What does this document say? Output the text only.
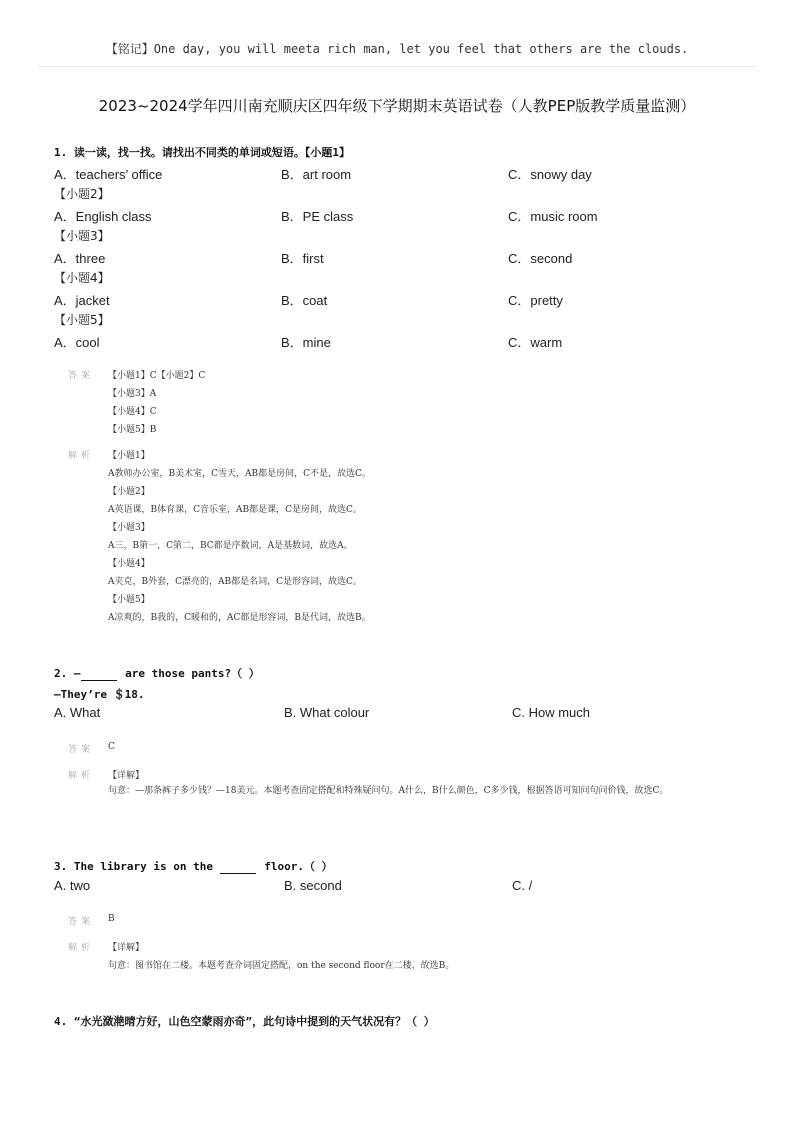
【铭记】One day, you will meeta rich man, let you feel that others are the clouds.
2023~2024学年四川南充顺庆区四年级下学期期末英语试卷（人教PEP版教学质量监测）
1. 读一读，找一找。请找出不同类的单词或短语。【小题1】
A．teachers’ office	B．art room	C．snowy day
【小题2】
A．English class	B．PE class	C．music room
【小题3】
A．three	B．first	C．second
【小题4】
A．jacket	B．coat	C．pretty
【小题5】
A．cool	B．mine	C．warm
答案 【小题1】C【小题2】C
【小题3】A
【小题4】C
【小题5】B
解析 【小题1】
A教师办公室，B美术室，C雪天，AB都是房间，C不是，故选C。
【小题2】
A英语课，B体育课，C音乐室，AB都是课，C是房间，故选C。
【小题3】
A三，B第一，C第二，BC都是序数词，A是基数词，故选A。
【小题4】
A夹克，B外套，C漂亮的，AB都是名词，C是形容词，故选C。
【小题5】
A凉爽的，B我的，C暖和的，AC都是形容词，B是代词，故选B。
2. —	are those pants?（ ）
—They’re ＄18.
A. What	B. What colour	C. How much
答案 C
解析 【详解】
句意：—那条裤子多少钱？—18美元。本题考查固定搭配和特殊疑问句。A什么，B什么颜色，C多少钱，根据答语可知问句问价钱，故选C。
3. The library is on the	floor.（ ）
A. two	B. second	C. /
答案 B
解析 【详解】
句意：图书馆在二楼。本题考查介词固定搭配，on the second floor在二楼，故选B。
4. “水光潋滟晴方好，山色空蒙雨亦奇”，此句诗中提到的天气状况有？（ ）
